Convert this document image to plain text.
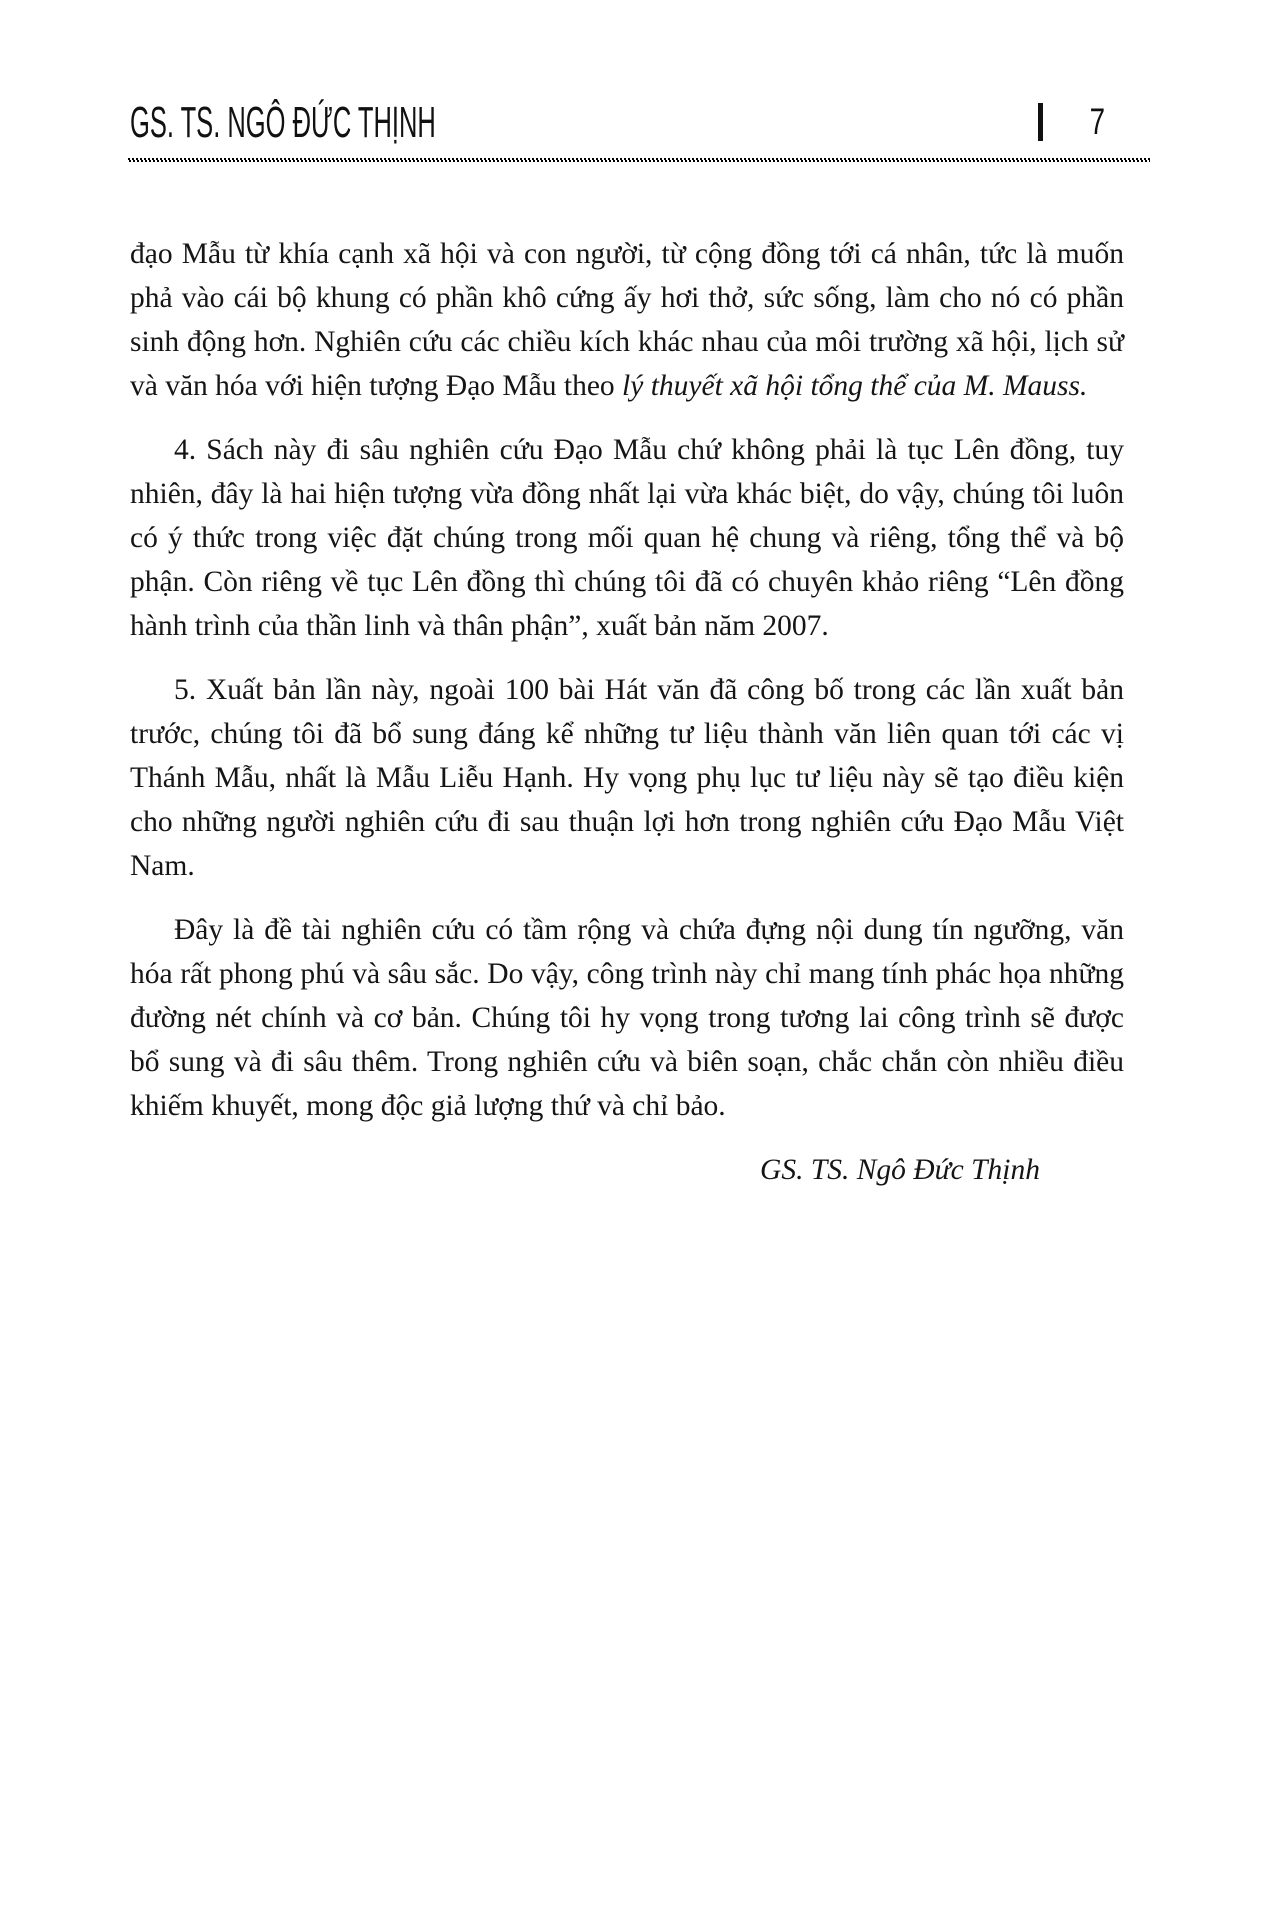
GS. TS. NGÔ ĐỨC THỊNH	7

đạo Mẫu từ khía cạnh xã hội và con người, từ cộng đồng tới cá nhân, tức là muốn phả vào cái bộ khung có phần khô cứng ấy hơi thở, sức sống, làm cho nó có phần sinh động hơn. Nghiên cứu các chiều kích khác nhau của môi trường xã hội, lịch sử và văn hóa với hiện tượng Đạo Mẫu theo lý thuyết xã hội tổng thể của M. Mauss.

4. Sách này đi sâu nghiên cứu Đạo Mẫu chứ không phải là tục Lên đồng, tuy nhiên, đây là hai hiện tượng vừa đồng nhất lại vừa khác biệt, do vậy, chúng tôi luôn có ý thức trong việc đặt chúng trong mối quan hệ chung và riêng, tổng thể và bộ phận. Còn riêng về tục Lên đồng thì chúng tôi đã có chuyên khảo riêng “Lên đồng hành trình của thần linh và thân phận”, xuất bản năm 2007.

5. Xuất bản lần này, ngoài 100 bài Hát văn đã công bố trong các lần xuất bản trước, chúng tôi đã bổ sung đáng kể những tư liệu thành văn liên quan tới các vị Thánh Mẫu, nhất là Mẫu Liễu Hạnh. Hy vọng phụ lục tư liệu này sẽ tạo điều kiện cho những người nghiên cứu đi sau thuận lợi hơn trong nghiên cứu Đạo Mẫu Việt Nam.

Đây là đề tài nghiên cứu có tầm rộng và chứa đựng nội dung tín ngưỡng, văn hóa rất phong phú và sâu sắc. Do vậy, công trình này chỉ mang tính phác họa những đường nét chính và cơ bản. Chúng tôi hy vọng trong tương lai công trình sẽ được bổ sung và đi sâu thêm. Trong nghiên cứu và biên soạn, chắc chắn còn nhiều điều khiếm khuyết, mong độc giả lượng thứ và chỉ bảo.

GS. TS. Ngô Đức Thịnh
